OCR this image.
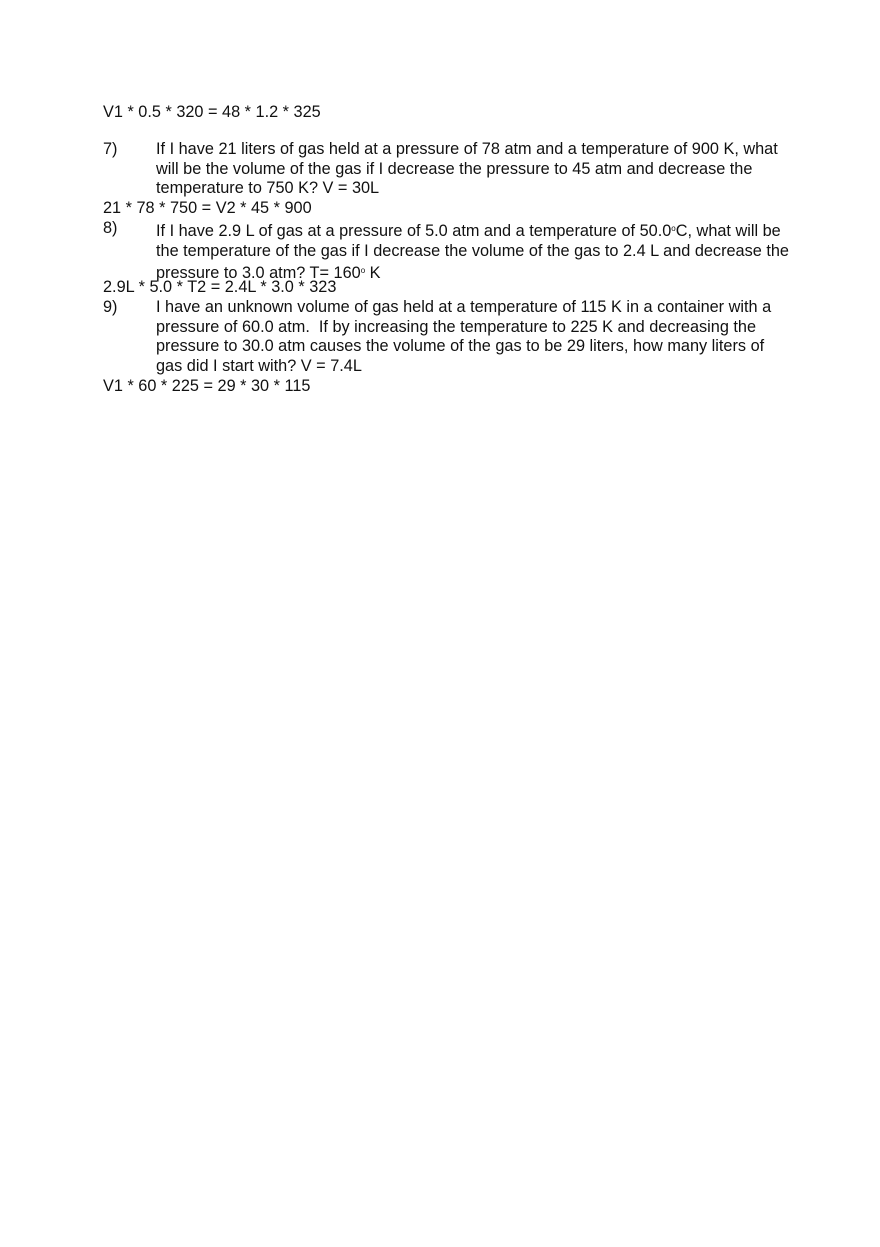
V1 * 0.5 * 320 = 48 * 1.2 * 325
7) If I have 21 liters of gas held at a pressure of 78 atm and a temperature of 900 K, what will be the volume of the gas if I decrease the pressure to 45 atm and decrease the temperature to 750 K? V = 30L
21 * 78 * 750 = V2 * 45 * 900
8) If I have 2.9 L of gas at a pressure of 5.0 atm and a temperature of 50.0$^o$C, what will be the temperature of the gas if I decrease the volume of the gas to 2.4 L and decrease the pressure to 3.0 atm? $T= 160^o$ K
2.9L * 5.0 * T2 = 2.4L * 3.0 * 323
9) I have an unknown volume of gas held at a temperature of 115 K in a container with a pressure of 60.0 atm.  If by increasing the temperature to 225 K and decreasing the pressure to 30.0 atm causes the volume of the gas to be 29 liters, how many liters of gas did I start with? V = 7.4L
V1 * 60 * 225 = 29 * 30 * 115
